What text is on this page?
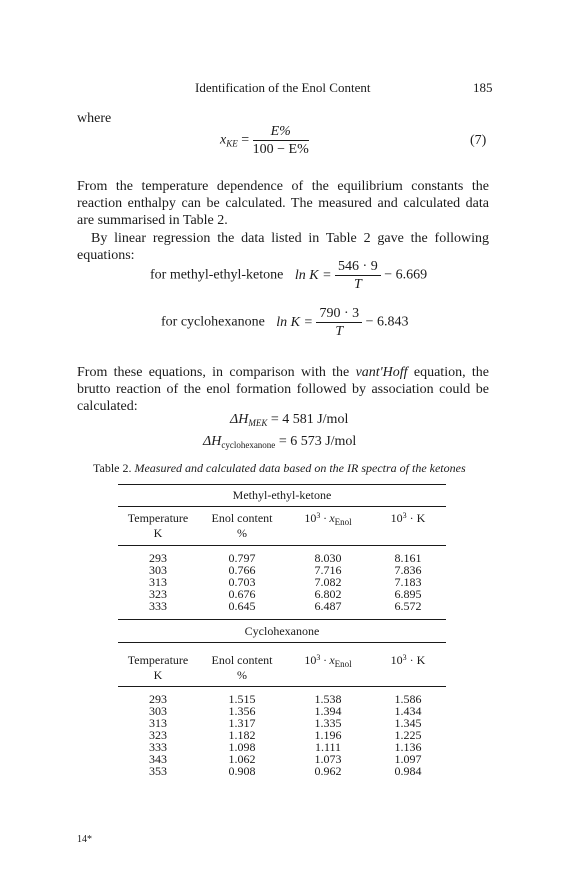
Identification of the Enol Content	185
where
$x_{KE} = \frac{E\%}{100 - E\%}$	(7)
From the temperature dependence of the equilibrium constants the reaction enthalpy can be calculated. The measured and calculated data are summarised in Table 2.
By linear regression the data listed in Table 2 gave the following equations:
for methyl-ethyl-ketone $\ln K = \frac{546 \cdot 9}{T} - 6.669$
for cyclohexanone $\ln K = \frac{790 \cdot 3}{T} - 6.843$
From these equations, in comparison with the vant'Hoff equation, the brutto reaction of the enol formation followed by association could be calculated:
$\Delta H_{MEK} = 4$ 581 J/mol
$\Delta H_{cyclohexanone} = 6$ 573 J/mol
Table 2. Measured and calculated data based on the IR spectra of the ketones
Methyl-ethyl-ketone
Temperature
K
Enol content
%
$10^3 \cdot x_{Enol}$	$10^3 \cdot K$
293	0.797	8.030	8.161
303	0.766	7.716	7.836
313	0.703	7.082	7.183
323	0.676	6.802	6.895
333	0.645	6.487	6.572
Cyclohexanone
Temperature
K
Enol content
%
$10^3 \cdot x_{Enol}$	$10^3 \cdot K$
293	1.515	1.538	1.586
303	1.356	1.394	1.434
313	1.317	1.335	1.345
323	1.182	1.196	1.225
333	1.098	1.111	1.136
343	1.062	1.073	1.097
353	0.908	0.962	0.984
14*
